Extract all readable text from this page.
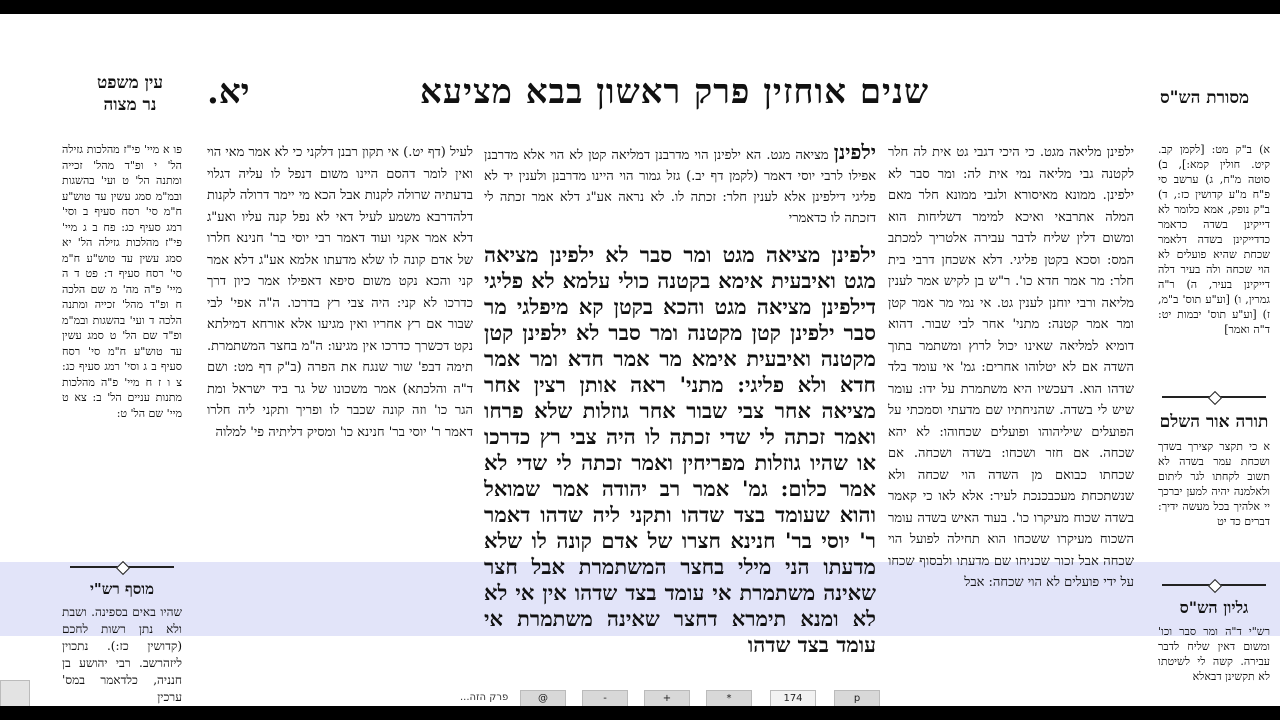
שנים אוחזין פרק ראשון בבא מציעא
יא.
עין משפט
נר מצוה	מסורת הש"ס
א) ב"ק מט: [לקמן קב. קיט. חולין קמא:], ב) סוטה מ"ח, ג) ערשב סי פ"ח מ"ע קדושין כז:, ד) ב"ק נופק, אמא כלומר לא דייקינן בשדה כדאמר כדדייקינן בשדה דלאמר שכחת שהיא פועלים לא הוי שכחה ולה בעיר דלה דייקינן בעיר, ה) ר"ה גמרין, ו) [וע"ע תוס' ב"מ, ז) [וע"ע תוס' יבמות יט: ד"ה ואמר]
תורה אור השלם
א כי תקצר קצירך בשדך ושכחת עמר בשדה לא תשוב לקחתו לגר ליתום ולאלמנה יהיה למען יברכך יי אלהיך בכל מעשה ידיך: דברים כד יט
גליון הש"ס
רש"י ד"ה ומר סבר וכו' ומשום דאין שליח לדבר עבירה. קשה לי לשיטתו לא תקשינן דבאלא
ילפינן מליאה מגט. כי היכי דגבי גט אית לה חלר לקטנה גבי מליאה נמי אית לה: ומר סבר לא ילפינן. ממונא מאיסורא ולגבי ממונא חלר מאם המלה אתרבאי ואיכא למימר דשליחות הוא ומשום דלין שליח לדבר עבירה אלטריך למכתב המס: וסכא בקטן פליגי. דלא אשכחן דרבי בית חלר: מר אמר חדא כו'. ר"ש בן לקיש אמר לענין מליאה ורבי יוחנן לענין גט. אי נמי מר אמר קטן ומר אמר קטנה: מתני' אחר לבי שבור. דהוא דומיא למליאה שאינו יכול לרוץ ומשתמר בתוך השדה אם לא יטלוהו אחרים: גמ' אי עומד בלד שדהו הוא. דעכשיו היא משתמרת על ידו: עומר שיש לי בשדה. שהניחתיו שם מדעתי וסמכתי על הפועלים שיליהוהו ופועלים שכחוהו: לא יהא שכחה. אם חזר ושכחו: בשדה ושכחה. אם שכחתו כבואם מן השדה הוי שכחה ולא שנשתכחת מעכבכנכת לעיר: אלא לאו כי קאמר בשדה שכוח מעיקרו כו'. בעוד האיש בשדה עומר השכוח מעיקרו ששכחו הוא תחילה לפועל הוי שכחה אבל זכור שכניחו שם מדעתו ולבסוף שכחו על ידי פועלים לא הוי שכחה: אבל
ילפינן מציאה מגט. הא ילפינן הוי מדרבנן דמליאה קטן לא הוי אלא מדרבנן אפילו לרבי יוסי דאמר (לקמן דף יב.) גזל גמור הוי היינו מדרבנן ולענין יד לא פליגי דילפינן אלא לענין חלר: זכתה לו. לא נראה אע"ג דלא אמר זכתה לי דזכתה לו כדאמרי
ילפינן מציאה מגט ומר סבר לא ילפינן מציאה מגט ואיבעית אימא בקטנה כולי עלמא לא פליגי דילפינן מציאה מגט והכא בקטן קא מיפלגי מר סבר ילפינן קטן מקטנה ומר סבר לא ילפינן קטן מקטנה ואיבעית אימא מר אמר חדא ומר אמר חדא ולא פליגי: מתני' ראה אותן רצין אחר מציאה אחר צבי שבור אחר גוזלות שלא פרחו ואמר זכתה לי שדי זכתה לו היה צבי רץ כדרכו או שהיו גוזלות מפריחין ואמר זכתה לי שדי לא אמר כלום: גמ' אמר רב יהודה אמר שמואל והוא שעומד בצד שדהו ותקני ליה שדהו דאמר ר' יוסי בר' חנינא חצרו של אדם קונה לו שלא מדעתו הני מילי בחצר המשתמרת אבל חצר שאינה משתמרת אי עומד בצד שדהו אין אי לא לא ומנא תימרא דחצר שאינה משתמרת אי עומד בצד שדהו
לעיל (דף יט.) אי תקון רבנן דלקני כי לא אמר מאי הוי ואין לומר דהסם היינו משום דנפל לו עליה דגלוי בדעתיה שרולה לקנות אבל הכא מי יימר דרולה לקנות דלהדרבא משמע לעיל דאי לא נפל קנה עליו ואע"ג דלא אמר אקני ועוד דאמר רבי יוסי בר' חנינא חלרו של אדם קונה לו שלא מדעתו אלמא אע"ג דלא אמר קני והכא נקט משום סיפא דאפילו אמר כיון דרך כדרכו לא קני: היה צבי רץ בדרכו. ה"ה אפי' לבי שבור אם רץ אחריו ואין מגיעו אלא אורחא דמילתא נקט דכשרך כדרכו אין מגיעו: ה"מ בחצר המשתמרת. תימה דבפ' שור שנגח את הפרה (ב"ק דף מט: ושם ד"ה והלכתא) אמר משכונו של גר ביד ישראל ומת הגר כו' וזה קונה שכבר לו ופריך ותקני ליה חלרו דאמר ר' יוסי בר' חנינא כו' ומסיק דליתיה פי' למלוה
פו א מיי' פי"ז מהלכות גזילה הל' י ופ"ד מהל' זכייה ומתנה הל' ט ועי' בהשגות ובמ"מ סמג עשין עד טוש"ע ח"מ סי' רסח סעיף ב וסי' רמג סעיף כג: פח ב ג מיי' פי"ז מהלכות גזילה הל' יא סמג עשין עד טוש"ע ח"מ סי' רסח סעיף ד: פט ד ה מיי' פ"ה מה' מ שם הלכה ח ופ"ד מהל' זכייה ומתנה הלכה ד ועי' בהשגות ובמ"מ ופ"ד שם הל' ט סמג עשין עד טוש"ע ח"מ סי' רסח סעיף ב ג וסי' רמג סעיף כג: צ ו ז ח מיי' פ"ה מהלכות מתנות עניים הל' ב: צא ט מיי' שם הל' ט:
מוסף רש"י
שהיו באים בספינה. ושבת ולא נתן רשות לחכם (קדושין כז:). נתכוין ליזהרשב. רבי יהושע בן חנניה, כלדאמר במס' ערכין	...פרק הזה	@	-	+	*	174	p
